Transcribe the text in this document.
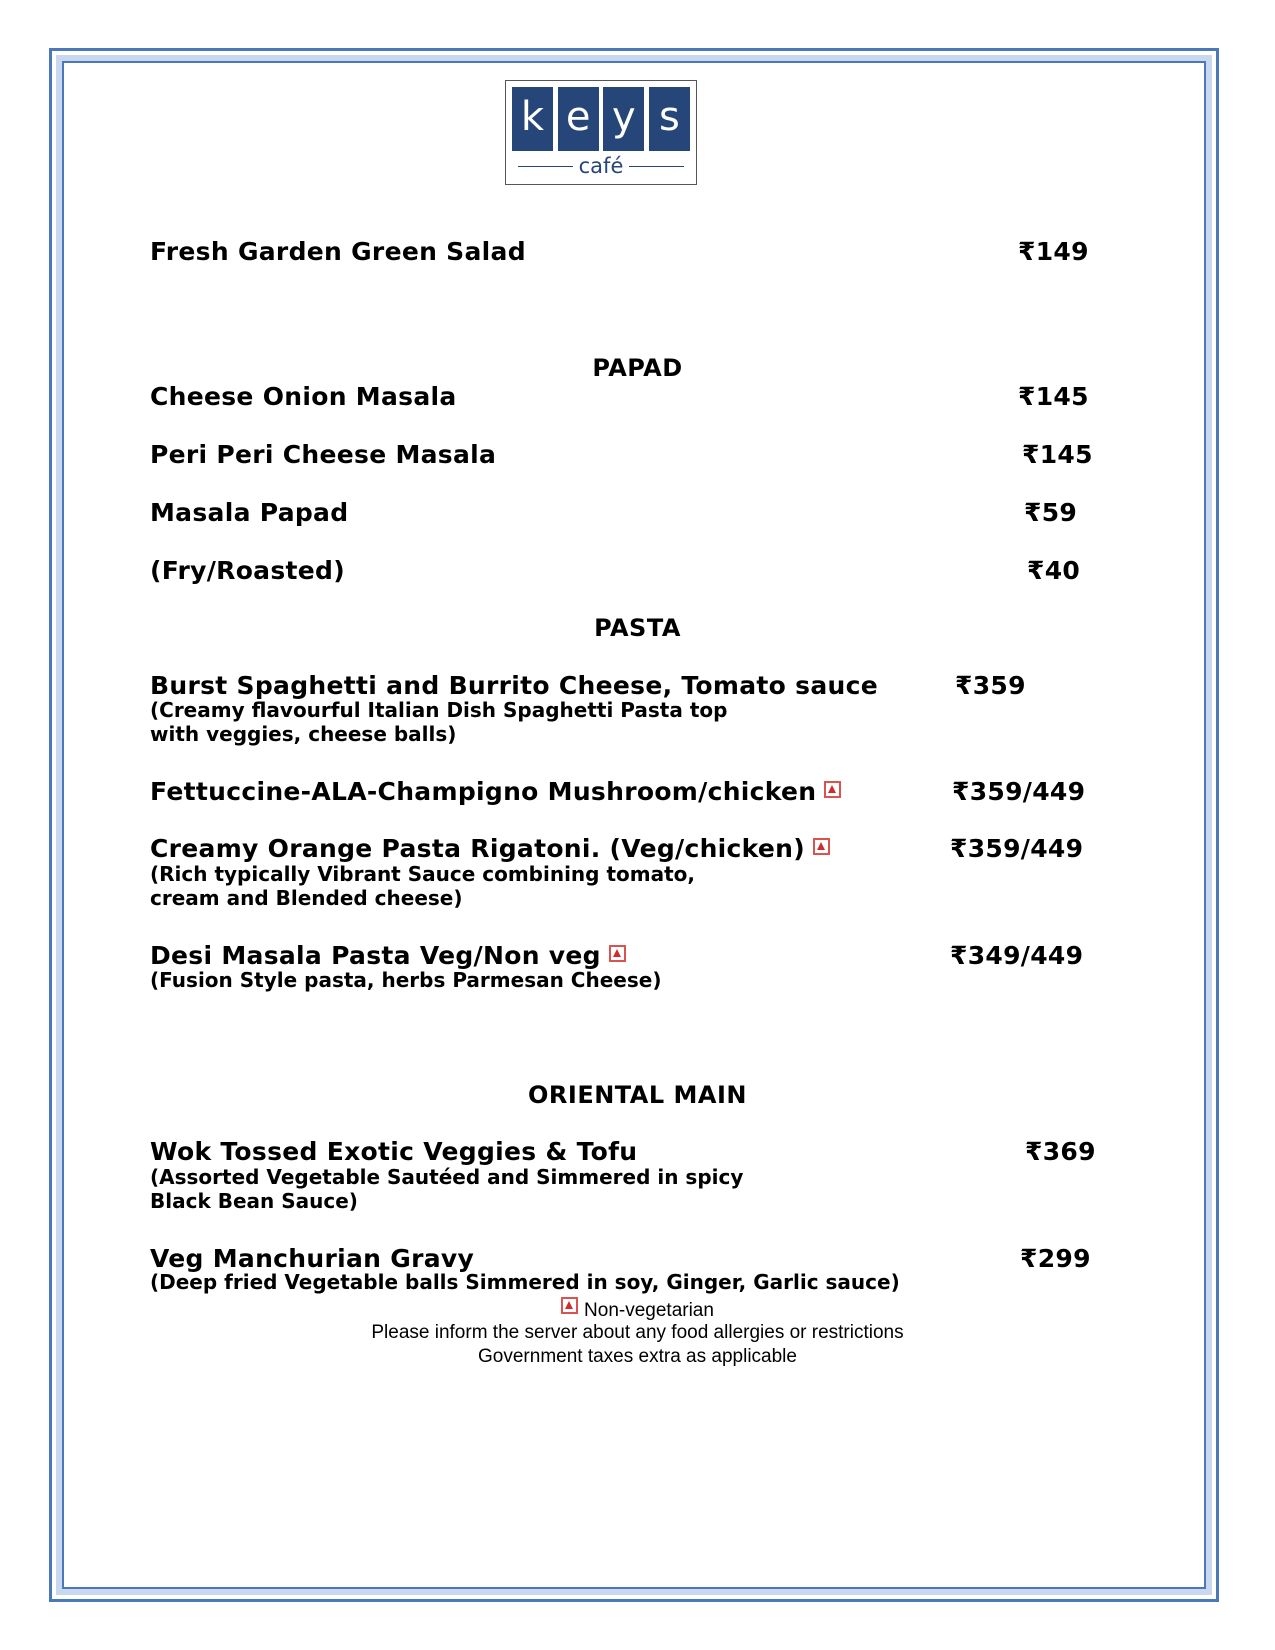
k e y s
café
Fresh Garden Green Salad	₹149
PAPAD
Cheese Onion Masala	₹145
Peri Peri Cheese Masala	₹145
Masala Papad	₹59
(Fry/Roasted)	₹40
PASTA
Burst Spaghetti and Burrito Cheese, Tomato sauce	₹359
(Creamy flavourful Italian Dish Spaghetti Pasta top
with veggies, cheese balls)
Fettuccine-ALA-Champigno Mushroom/chicken	₹359/449
Creamy Orange Pasta Rigatoni. (Veg/chicken)	₹359/449
(Rich typically Vibrant Sauce combining tomato,
cream and Blended cheese)
Desi Masala Pasta Veg/Non veg	₹349/449
(Fusion Style pasta, herbs Parmesan Cheese)
ORIENTAL MAIN
Wok Tossed Exotic Veggies & Tofu	₹369
(Assorted Vegetable Sautéed and Simmered in spicy
Black Bean Sauce)
Veg Manchurian Gravy	₹299
(Deep fried Vegetable balls Simmered in soy, Ginger, Garlic sauce)
Non-vegetarian
Please inform the server about any food allergies or restrictions
Government taxes extra as applicable
